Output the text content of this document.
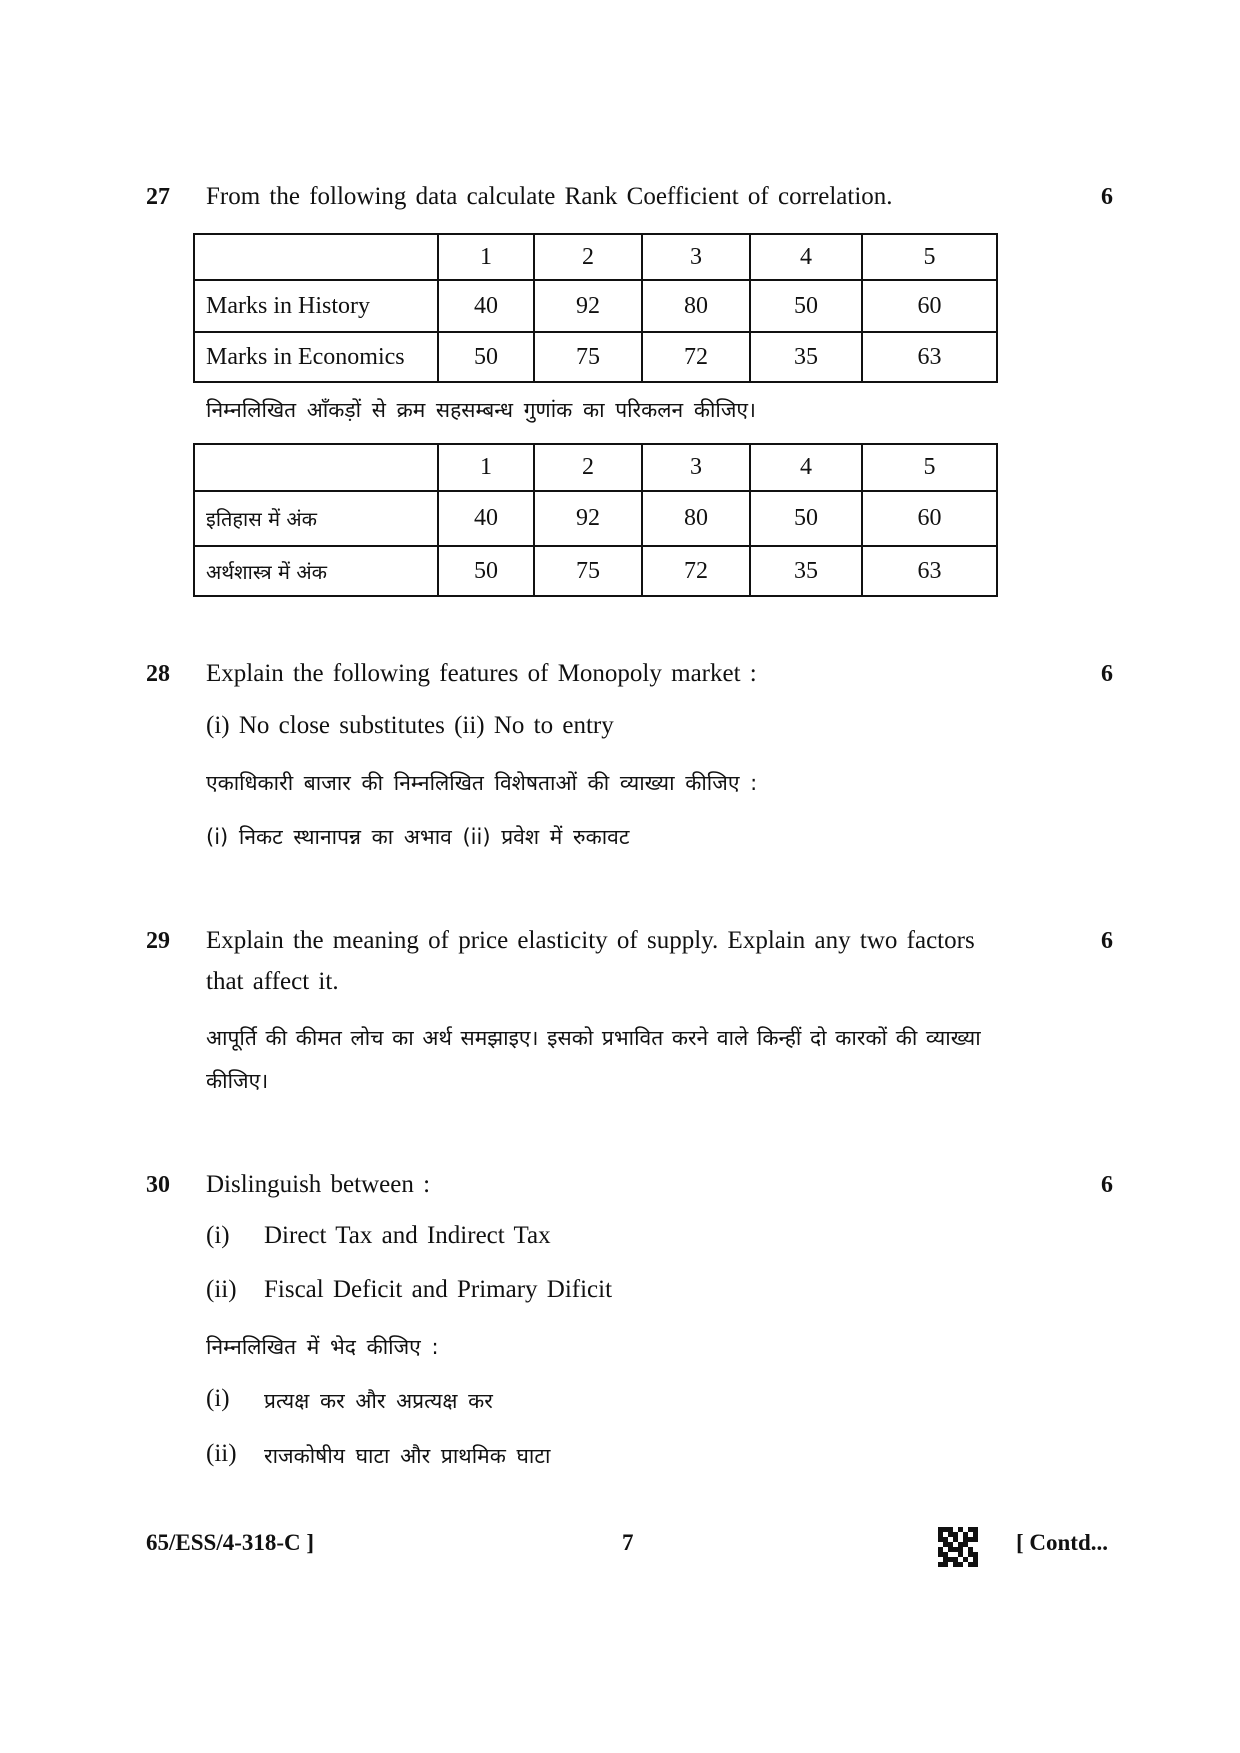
27 From the following data calculate Rank Coefficient of correlation.	6
	1	2	3	4	5
Marks in History	40	92	80	50	60
Marks in Economics	50	75	72	35	63
निम्नलिखित आँकड़ों से क्रम सहसम्बन्ध गुणांक का परिकलन कीजिए।
	1	2	3	4	5
इतिहास में अंक	40	92	80	50	60
अर्थशास्त्र में अंक	50	75	72	35	63
28 Explain the following features of Monopoly market :	6
(i) No close substitutes (ii) No to entry
एकाधिकारी बाजार की निम्नलिखित विशेषताओं की व्याख्या कीजिए :
(i) निकट स्थानापन्न का अभाव (ii) प्रवेश में रुकावट
29 Explain the meaning of price elasticity of supply. Explain any two factors	6
that affect it.
आपूर्ति की कीमत लोच का अर्थ समझाइए। इसको प्रभावित करने वाले किन्हीं दो कारकों की व्याख्या
कीजिए।
30 Dislinguish between :	6
(i) Direct Tax and Indirect Tax
(ii) Fiscal Deficit and Primary Dificit
निम्नलिखित में भेद कीजिए :
(i) प्रत्यक्ष कर और अप्रत्यक्ष कर
(ii) राजकोषीय घाटा और प्राथमिक घाटा
65/ESS/4-318-C ]	7	[ Contd...
